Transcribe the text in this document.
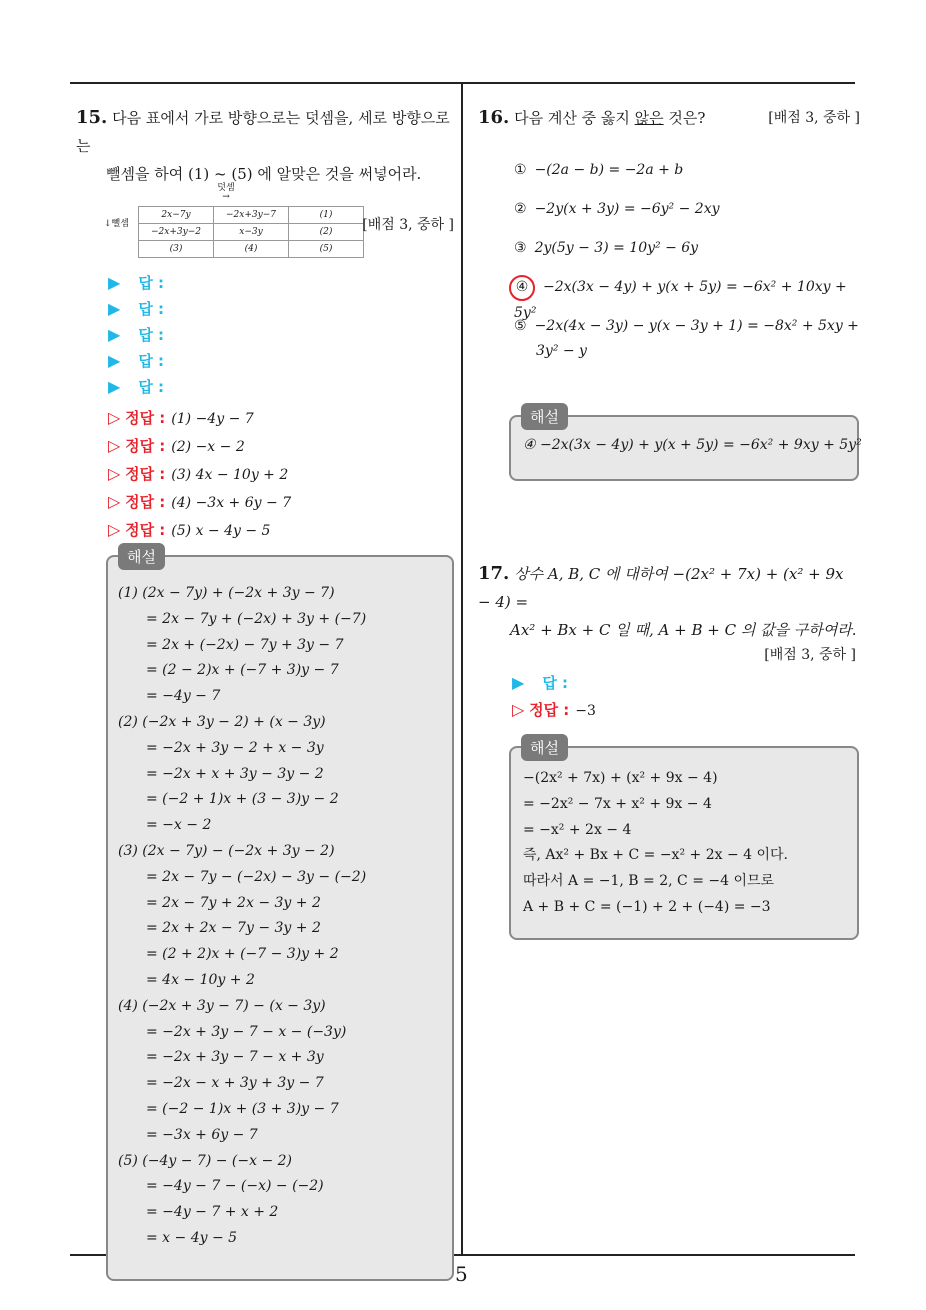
5
15. 다음 표에서 가로 방향으로는 덧셈을, 세로 방향으로는
뺄셈을 하여 (1) ~ (5) 에 알맞은 것을 써넣어라.
덧셈
→
↓뺄셈
2x−7y	−2x+3y−7	(1)
−2x+3y−2	x−3y	(2)
(3)	(4)	(5)
[배점 3, 중하 ]
▶ 답 :
▶ 답 :
▶ 답 :
▶ 답 :
▶ 답 :
▷ 정답 : (1) −4y − 7
▷ 정답 : (2) −x − 2
▷ 정답 : (3) 4x − 10y + 2
▷ 정답 : (4) −3x + 6y − 7
▷ 정답 : (5) x − 4y − 5
해설
(1) (2x − 7y) + (−2x + 3y − 7)
= 2x − 7y + (−2x) + 3y + (−7)
= 2x + (−2x) − 7y + 3y − 7
= (2 − 2)x + (−7 + 3)y − 7
= −4y − 7
(2) (−2x + 3y − 2) + (x − 3y)
= −2x + 3y − 2 + x − 3y
= −2x + x + 3y − 3y − 2
= (−2 + 1)x + (3 − 3)y − 2
= −x − 2
(3) (2x − 7y) − (−2x + 3y − 2)
= 2x − 7y − (−2x) − 3y − (−2)
= 2x − 7y + 2x − 3y + 2
= 2x + 2x − 7y − 3y + 2
= (2 + 2)x + (−7 − 3)y + 2
= 4x − 10y + 2
(4) (−2x + 3y − 7) − (x − 3y)
= −2x + 3y − 7 − x − (−3y)
= −2x + 3y − 7 − x + 3y
= −2x − x + 3y + 3y − 7
= (−2 − 1)x + (3 + 3)y − 7
= −3x + 6y − 7
(5) (−4y − 7) − (−x − 2)
= −4y − 7 − (−x) − (−2)
= −4y − 7 + x + 2
= x − 4y − 5
16. 다음 계산 중 옳지 않은 것은?	[배점 3, 중하 ]
① −(2a − b) = −2a + b
② −2y(x + 3y) = −6y² − 2xy
③ 2y(5y − 3) = 10y² − 6y
④ −2x(3x − 4y) + y(x + 5y) = −6x² + 10xy + 5y²
⑤ −2x(4x − 3y) − y(x − 3y + 1) = −8x² + 5xy +
3y² − y
해설
④ −2x(3x − 4y) + y(x + 5y) = −6x² + 9xy + 5y²
17. 상수 A, B, C 에 대하여 −(2x² + 7x) + (x² + 9x − 4) =
Ax² + Bx + C 일 때, A + B + C 의 값을 구하여라.
[배점 3, 중하 ]
▶ 답 :
▷ 정답 : −3
해설
−(2x² + 7x) + (x² + 9x − 4)
= −2x² − 7x + x² + 9x − 4
= −x² + 2x − 4
즉, Ax² + Bx + C = −x² + 2x − 4 이다.
따라서 A = −1, B = 2, C = −4 이므로
A + B + C = (−1) + 2 + (−4) = −3
